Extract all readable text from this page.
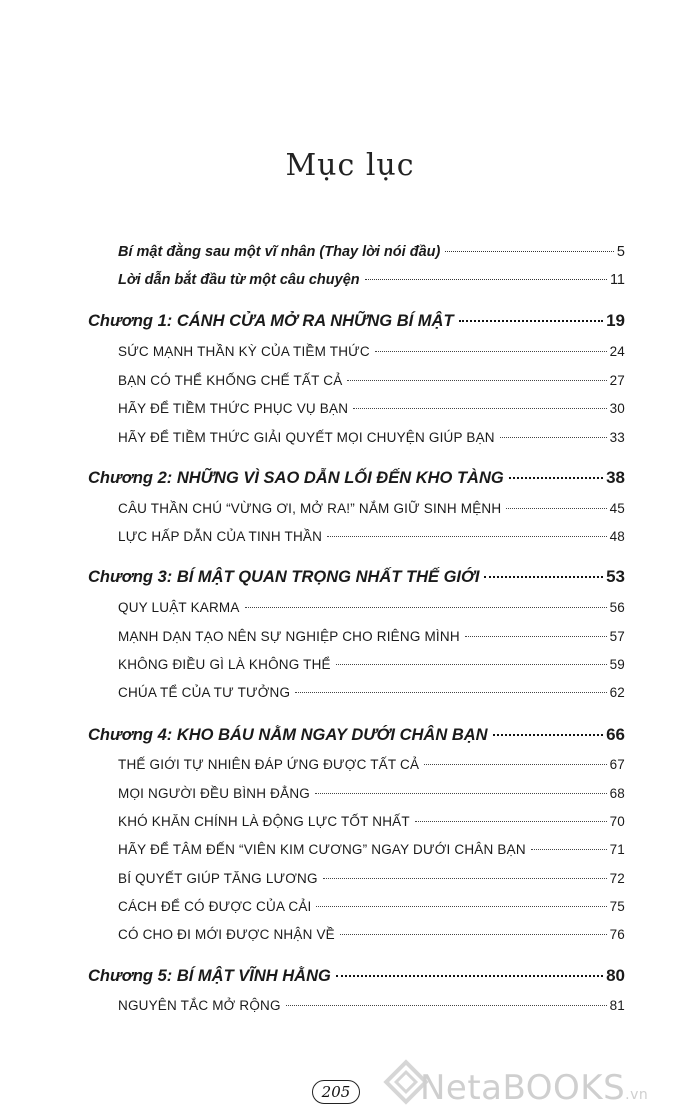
Mục lục
Bí mật đằng sau một vĩ nhân (Thay lời nói đầu)	5
Lời dẫn bắt đầu từ một câu chuyện	11
Chương 1: CÁNH CỬA MỞ RA NHỮNG BÍ MẬT	19
SỨC MẠNH THẦN KỲ CỦA TIỀM THỨC	24
BẠN CÓ THỂ KHỐNG CHẾ TẤT CẢ	27
HÃY ĐỂ TIỀM THỨC PHỤC VỤ BẠN	30
HÃY ĐỂ TIỀM THỨC GIẢI QUYẾT MỌI CHUYỆN GIÚP BẠN	33
Chương 2: NHỮNG VÌ SAO DẪN LỐI ĐẾN KHO TÀNG	38
CÂU THẦN CHÚ “VỪNG ƠI, MỞ RA!” NẮM GIỮ SINH MỆNH	45
LỰC HẤP DẪN CỦA TINH THẦN	48
Chương 3: BÍ MẬT QUAN TRỌNG NHẤT THẾ GIỚI	53
QUY LUẬT KARMA	56
MẠNH DẠN TẠO NÊN SỰ NGHIỆP CHO RIÊNG MÌNH	57
KHÔNG ĐIỀU GÌ LÀ KHÔNG THỂ	59
CHÚA TỂ CỦA TƯ TƯỞNG	62
Chương 4: KHO BÁU NẰM NGAY DƯỚI CHÂN BẠN	66
THẾ GIỚI TỰ NHIÊN ĐÁP ỨNG ĐƯỢC TẤT CẢ	67
MỌI NGƯỜI ĐỀU BÌNH ĐẲNG	68
KHÓ KHĂN CHÍNH LÀ ĐỘNG LỰC TỐT NHẤT	70
HÃY ĐỂ TÂM ĐẾN “VIÊN KIM CƯƠNG” NGAY DƯỚI CHÂN BẠN	71
BÍ QUYẾT GIÚP TĂNG LƯƠNG	72
CÁCH ĐỂ CÓ ĐƯỢC CỦA CẢI	75
CÓ CHO ĐI MỚI ĐƯỢC NHẬN VỀ	76
Chương 5: BÍ MẬT VĨNH HẰNG	80
NGUYÊN TẮC MỞ RỘNG	81
205 NetaBOOKS.vn
